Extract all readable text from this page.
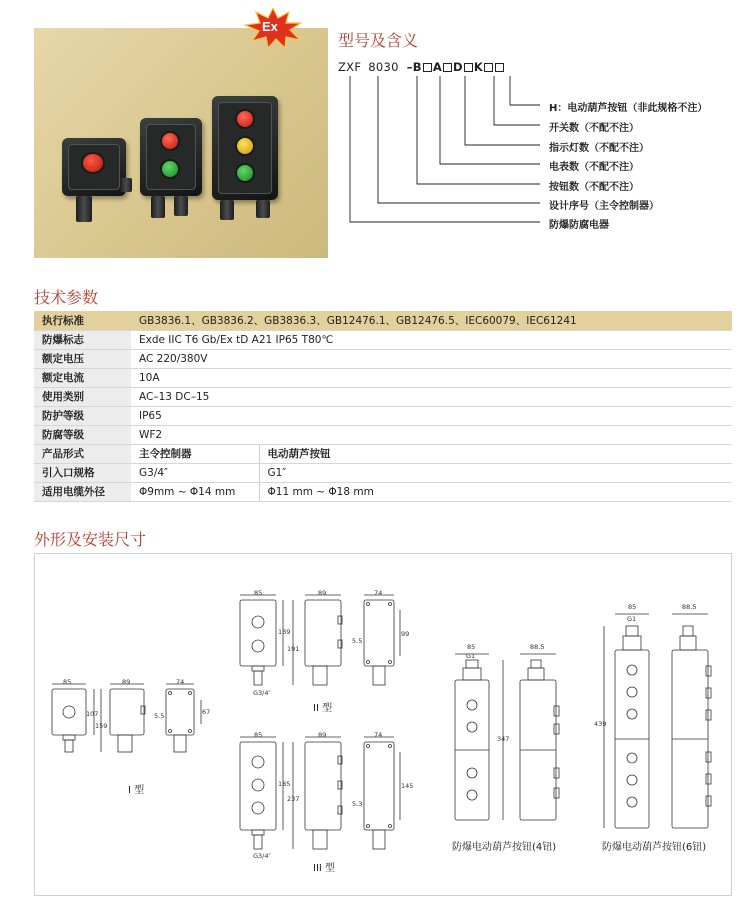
Ex
型号及含义
ZXF 8030 –B A D K
H：电动葫芦按钮（非此规格不注）
开关数（不配不注）
指示灯数（不配不注）
电表数（不配不注）
按钮数（不配不注）
设计序号（主令控制器）
防爆防腐电器
技术参数
执行标准	GB3836.1、GB3836.2、GB3836.3、GB12476.1、GB12476.5、IEC60079、IEC61241	
防爆标志	Exde IIC T6 Gb/Ex tD A21 IP65 T80℃	
额定电压	AC 220/380V	
额定电流	10A	
使用类别	AC–13 DC–15	
防护等级	IP65	
防腐等级	WF2	
产品形式	主令控制器	电动葫芦按钮
引入口规格	G3/4″	G1″
适用电缆外径	Φ9mm ~ Φ14 mm	Φ11 mm ~ Φ18 mm
外形及安装尺寸
85	89	74
107
159
67
5.5
85	89	74
139
191
99
5.5
G3/4″
85	89	74
185
237
145
5.3
G3/4″
85	88.5
G1
347
85	88.5
G1
439
I 型
II 型
III 型
防爆电动葫芦按钮(4钮)	防爆电动葫芦按钮(6钮)
